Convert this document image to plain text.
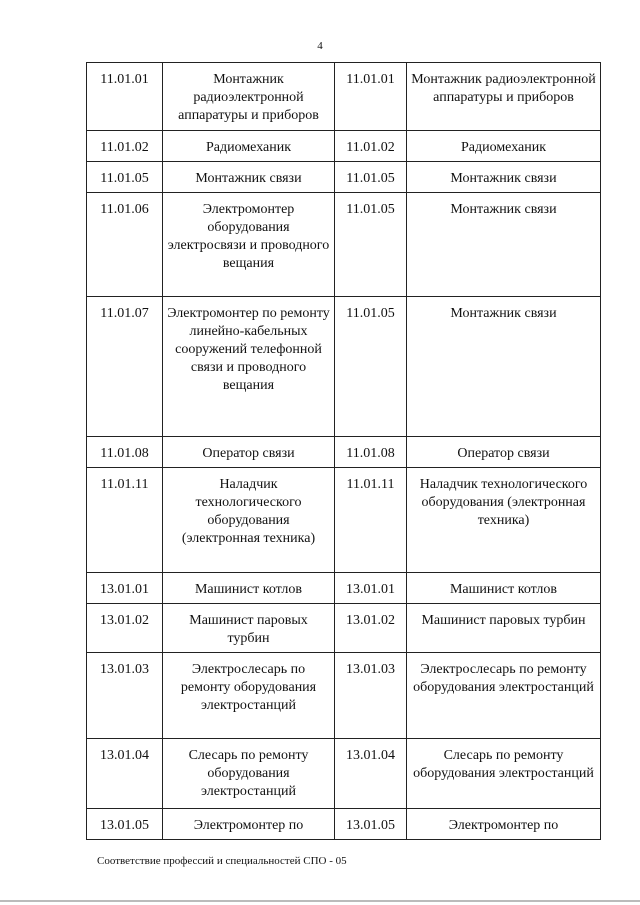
4
11.01.01	Монтажник радиоэлектронной аппаратуры и приборов	11.01.01	Монтажник радиоэлектронной аппаратуры и приборов
11.01.02	Радиомеханик	11.01.02	Радиомеханик
11.01.05	Монтажник связи	11.01.05	Монтажник связи
11.01.06	Электромонтер оборудования электросвязи и проводного вещания	11.01.05	Монтажник связи
11.01.07	Электромонтер по ремонту линейно-кабельных сооружений телефонной связи и проводного вещания	11.01.05	Монтажник связи
11.01.08	Оператор связи	11.01.08	Оператор связи
11.01.11	Наладчик технологического оборудования (электронная техника)	11.01.11	Наладчик технологического оборудования (электронная техника)
13.01.01	Машинист котлов	13.01.01	Машинист котлов
13.01.02	Машинист паровых турбин	13.01.02	Машинист паровых турбин
13.01.03	Электрослесарь по ремонту оборудования электростанций	13.01.03	Электрослесарь по ремонту оборудования электростанций
13.01.04	Слесарь по ремонту оборудования электростанций	13.01.04	Слесарь по ремонту оборудования электростанций
13.01.05	Электромонтер по	13.01.05	Электромонтер по
Соответствие профессий и специальностей СПО - 05
